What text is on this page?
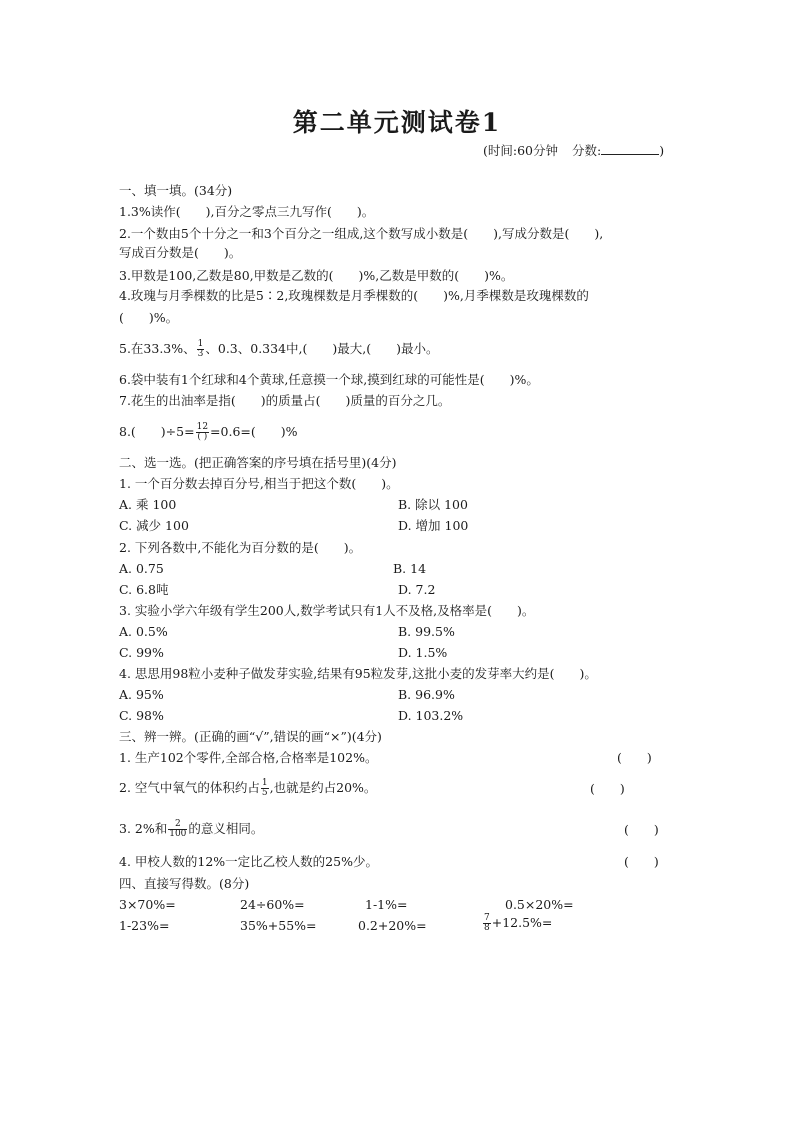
第二单元测试卷1
(时间:60分钟 分数:	)
一、填一填。(34分)
1.3%读作(　　),百分之零点三九写作(　　)。
2.一个数由5个十分之一和3个百分之一组成,这个数写成小数是(　　),写成分数是(　　),
写成百分数是(　　)。
3.甲数是100,乙数是80,甲数是乙数的(　　)%,乙数是甲数的(　　)%。
4.玫瑰与月季棵数的比是5∶2,玫瑰棵数是月季棵数的(　　)%,月季棵数是玫瑰棵数的
(　　)%。
5.在33.3%、 $\frac{1}{3}$ 、0.3、0.334中,(　　)最大,(　　)最小。
6.袋中装有1个红球和4个黄球,任意摸一个球,摸到红球的可能性是(　　)%。
7.花生的出油率是指(　　)的质量占(　　)质量的百分之几。
8.(　　)$\div 5= \frac{12}{( )} =0.6=$(　　)%
二、选一选。(把正确答案的序号填在括号里)(4分)
1. 一个百分数去掉百分号,相当于把这个数(　　)。
A. 乘 100	B. 除以 100
C. 减少 100	D. 增加 100
2. 下列各数中,不能化为百分数的是(　　)。
A. 0.75	B. 14
C. 6.8吨	D. 7.2
3. 实验小学六年级有学生200人,数学考试只有1人不及格,及格率是(　　)。
A. 0.5%	B. 99.5%
C. 99%	D. 1.5%
4. 思思用98粒小麦种子做发芽实验,结果有95粒发芽,这批小麦的发芽率大约是(　　)。
A. 95%	B. 96.9%
C. 98%	D. 103.2%
三、辨一辨。(正确的画“√”,错误的画“×”)(4分)
1. 生产102个零件,全部合格,合格率是102%。	(　　)
2. 空气中氧气的体积约占 $\frac{1}{5}$ ,也就是约占20%。	(　　)
3. 2%和 $\frac{2}{100}$ 的意义相同。	(　　)
4. 甲校人数的12%一定比乙校人数的25%少。	(　　)
四、直接写得数。(8分)
3×70%=	24÷60%=	1-1%=	0.5×20%=
1-23%=	35%+55%=	0.2+20%=	$\frac{7}{8} +12.5\%=$
